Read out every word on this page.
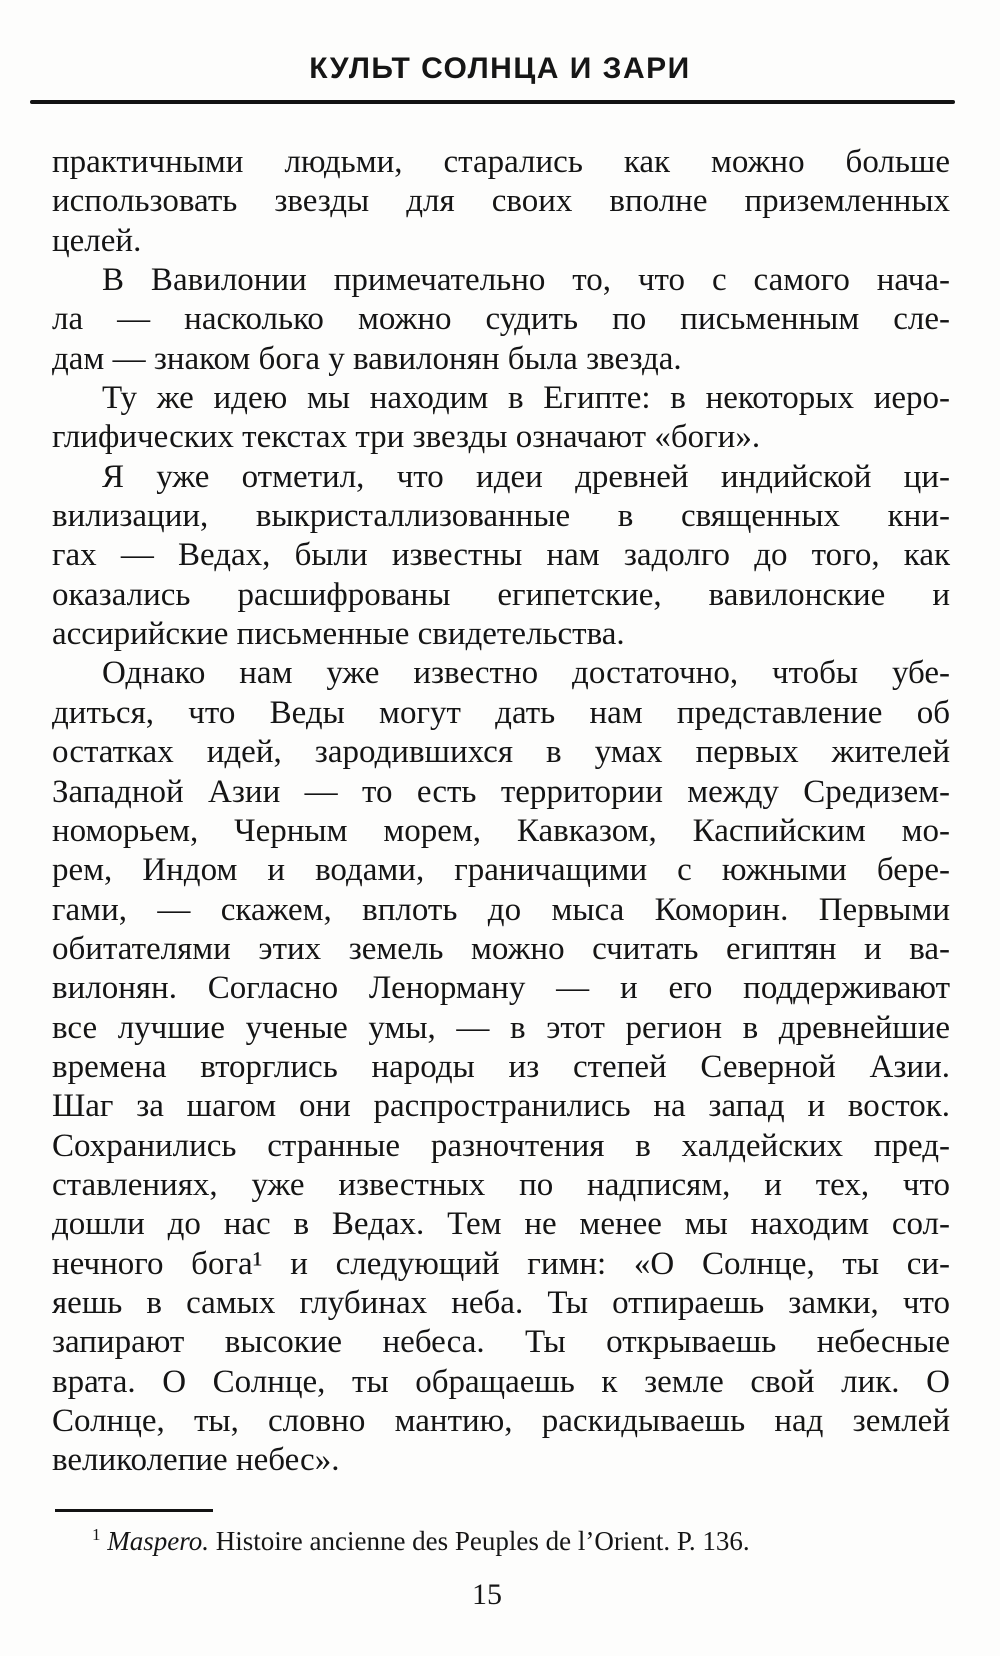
КУЛЬТ СОЛНЦА И ЗАРИ
практичными людьми, старались как можно больше
использовать звезды для своих вполне приземленных
целей.
В Вавилонии примечательно то, что с самого нача-
ла — насколько можно судить по письменным сле-
дам — знаком бога у вавилонян была звезда.
Ту же идею мы находим в Египте: в некоторых иеро-
глифических текстах три звезды означают «боги».
Я уже отметил, что идеи древней индийской ци-
вилизации, выкристаллизованные в священных кни-
гах — Ведах, были известны нам задолго до того, как
оказались расшифрованы египетские, вавилонские и
ассирийские письменные свидетельства.
Однако нам уже известно достаточно, чтобы убе-
диться, что Веды могут дать нам представление об
остатках идей, зародившихся в умах первых жителей
Западной Азии — то есть территории между Средизем-
номорьем, Черным морем, Кавказом, Каспийским мо-
рем, Индом и водами, граничащими с южными бере-
гами, — скажем, вплоть до мыса Коморин. Первыми
обитателями этих земель можно считать египтян и ва-
вилонян. Согласно Ленорману — и его поддерживают
все лучшие ученые умы, — в этот регион в древнейшие
времена вторглись народы из степей Северной Азии.
Шаг за шагом они распространились на запад и восток.
Сохранились странные разночтения в халдейских пред-
ставлениях, уже известных по надписям, и тех, что
дошли до нас в Ведах. Тем не менее мы находим сол-
нечного бога¹ и следующий гимн: «О Солнце, ты си-
яешь в самых глубинах неба. Ты отпираешь замки, что
запирают высокие небеса. Ты открываешь небесные
врата. О Солнце, ты обращаешь к земле свой лик. О
Солнце, ты, словно мантию, раскидываешь над землей
великолепие небес».
$^1$ Maspero. Histoire ancienne des Peuples de l’Orient. P. 136.
15
